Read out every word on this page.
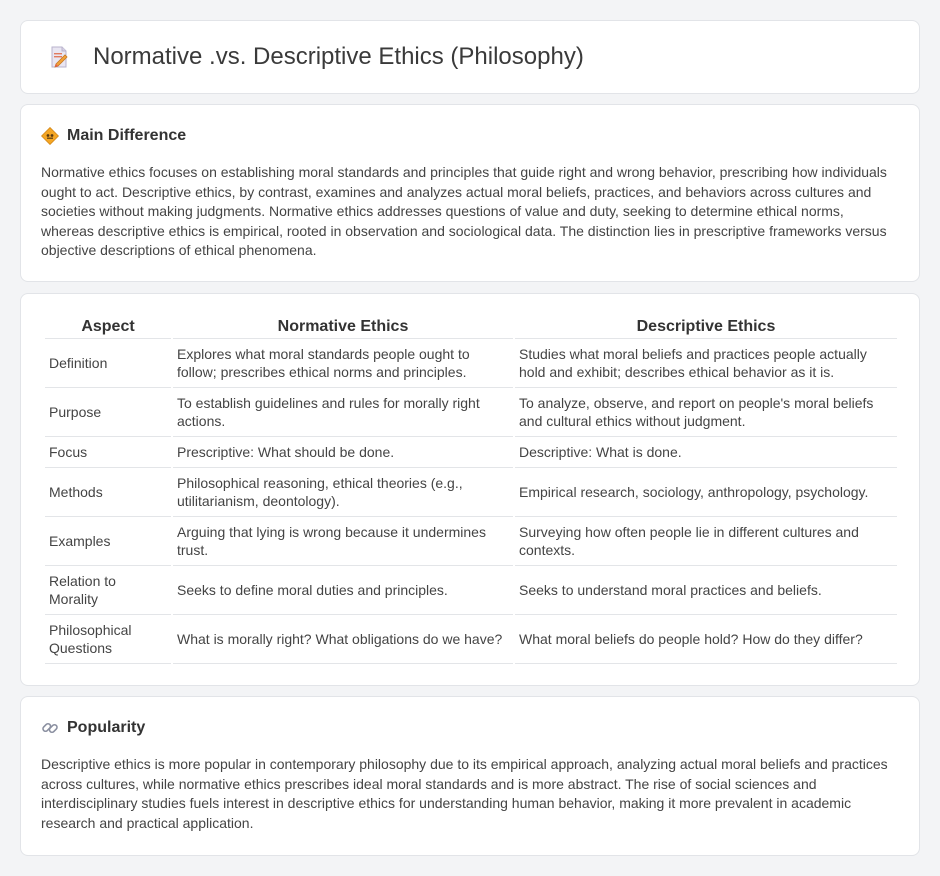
Normative .vs. Descriptive Ethics (Philosophy)
Main Difference

Normative ethics focuses on establishing moral standards and principles that guide right and wrong behavior, prescribing how individuals ought to act. Descriptive ethics, by contrast, examines and analyzes actual moral beliefs, practices, and behaviors across cultures and societies without making judgments. Normative ethics addresses questions of value and duty, seeking to determine ethical norms, whereas descriptive ethics is empirical, rooted in observation and sociological data. The distinction lies in prescriptive frameworks versus objective descriptions of ethical phenomena.

Aspect	Normative Ethics	Descriptive Ethics
Definition	Explores what moral standards people ought to follow; prescribes ethical norms and principles.	Studies what moral beliefs and practices people actually hold and exhibit; describes ethical behavior as it is.
Purpose	To establish guidelines and rules for morally right actions.	To analyze, observe, and report on people's moral beliefs and cultural ethics without judgment.
Focus	Prescriptive: What should be done.	Descriptive: What is done.
Methods	Philosophical reasoning, ethical theories (e.g., utilitarianism, deontology).	Empirical research, sociology, anthropology, psychology.
Examples	Arguing that lying is wrong because it undermines trust.	Surveying how often people lie in different cultures and contexts.
Relation to Morality	Seeks to define moral duties and principles.	Seeks to understand moral practices and beliefs.
Philosophical Questions	What is morally right? What obligations do we have?	What moral beliefs do people hold? How do they differ?
Popularity

Descriptive ethics is more popular in contemporary philosophy due to its empirical approach, analyzing actual moral beliefs and practices across cultures, while normative ethics prescribes ideal moral standards and is more abstract. The rise of social sciences and interdisciplinary studies fuels interest in descriptive ethics for understanding human behavior, making it more prevalent in academic research and practical application.
